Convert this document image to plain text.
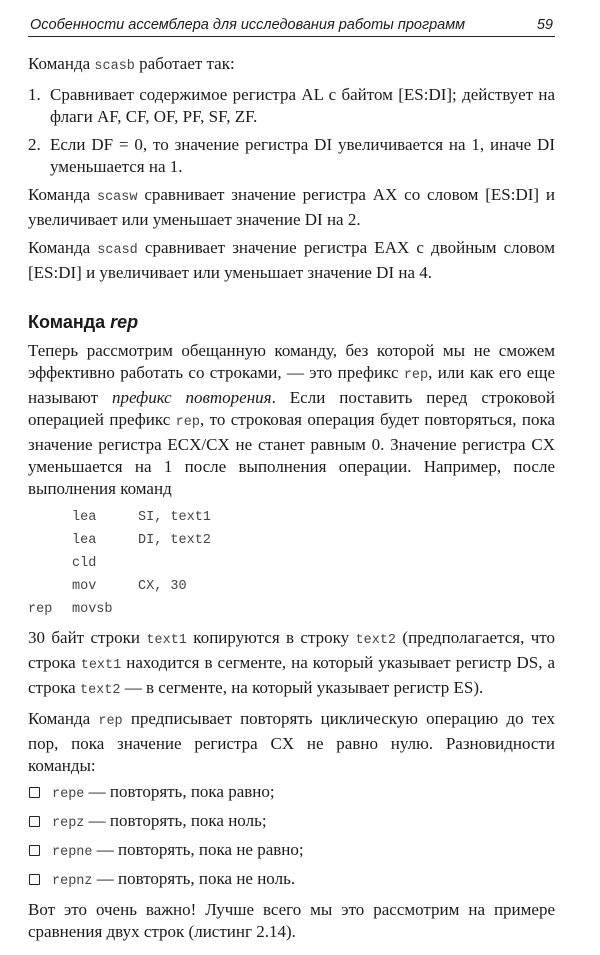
Особенности ассемблера для исследования работы программ	59
Команда scasb работает так:
1. Сравнивает содержимое регистра AL с байтом [ES:DI]; действует на флаги AF, CF, OF, PF, SF, ZF.
2. Если DF = 0, то значение регистра DI увеличивается на 1, иначе DI уменьшается на 1.
Команда scasw сравнивает значение регистра AX со словом [ES:DI] и увеличивает или уменьшает значение DI на 2.
Команда scasd сравнивает значение регистра EAX с двойным словом [ES:DI] и увеличивает или уменьшает значение DI на 4.
Команда rep
Теперь рассмотрим обещанную команду, без которой мы не сможем эффективно работать со строками, — это префикс rep, или как его еще называют префикс повторения. Если поставить перед строковой операцией префикс rep, то строковая операция будет повторяться, пока значение регистра ECX/CX не станет равным 0. Значение регистра CX уменьшается на 1 после выполнения операции. Например, после выполнения команд
lea	SI, text1
lea	DI, text2
cld
mov	CX, 30
rep movsb
30 байт строки text1 копируются в строку text2 (предполагается, что строка text1 находится в сегменте, на который указывает регистр DS, а строка text2 — в сегменте, на который указывает регистр ES).
Команда rep предписывает повторять циклическую операцию до тех пор, пока значение регистра CX не равно нулю. Разновидности команды:
repe — повторять, пока равно;
repz — повторять, пока ноль;
repne — повторять, пока не равно;
repnz — повторять, пока не ноль.
Вот это очень важно! Лучше всего мы это рассмотрим на примере сравнения двух строк (листинг 2.14).
